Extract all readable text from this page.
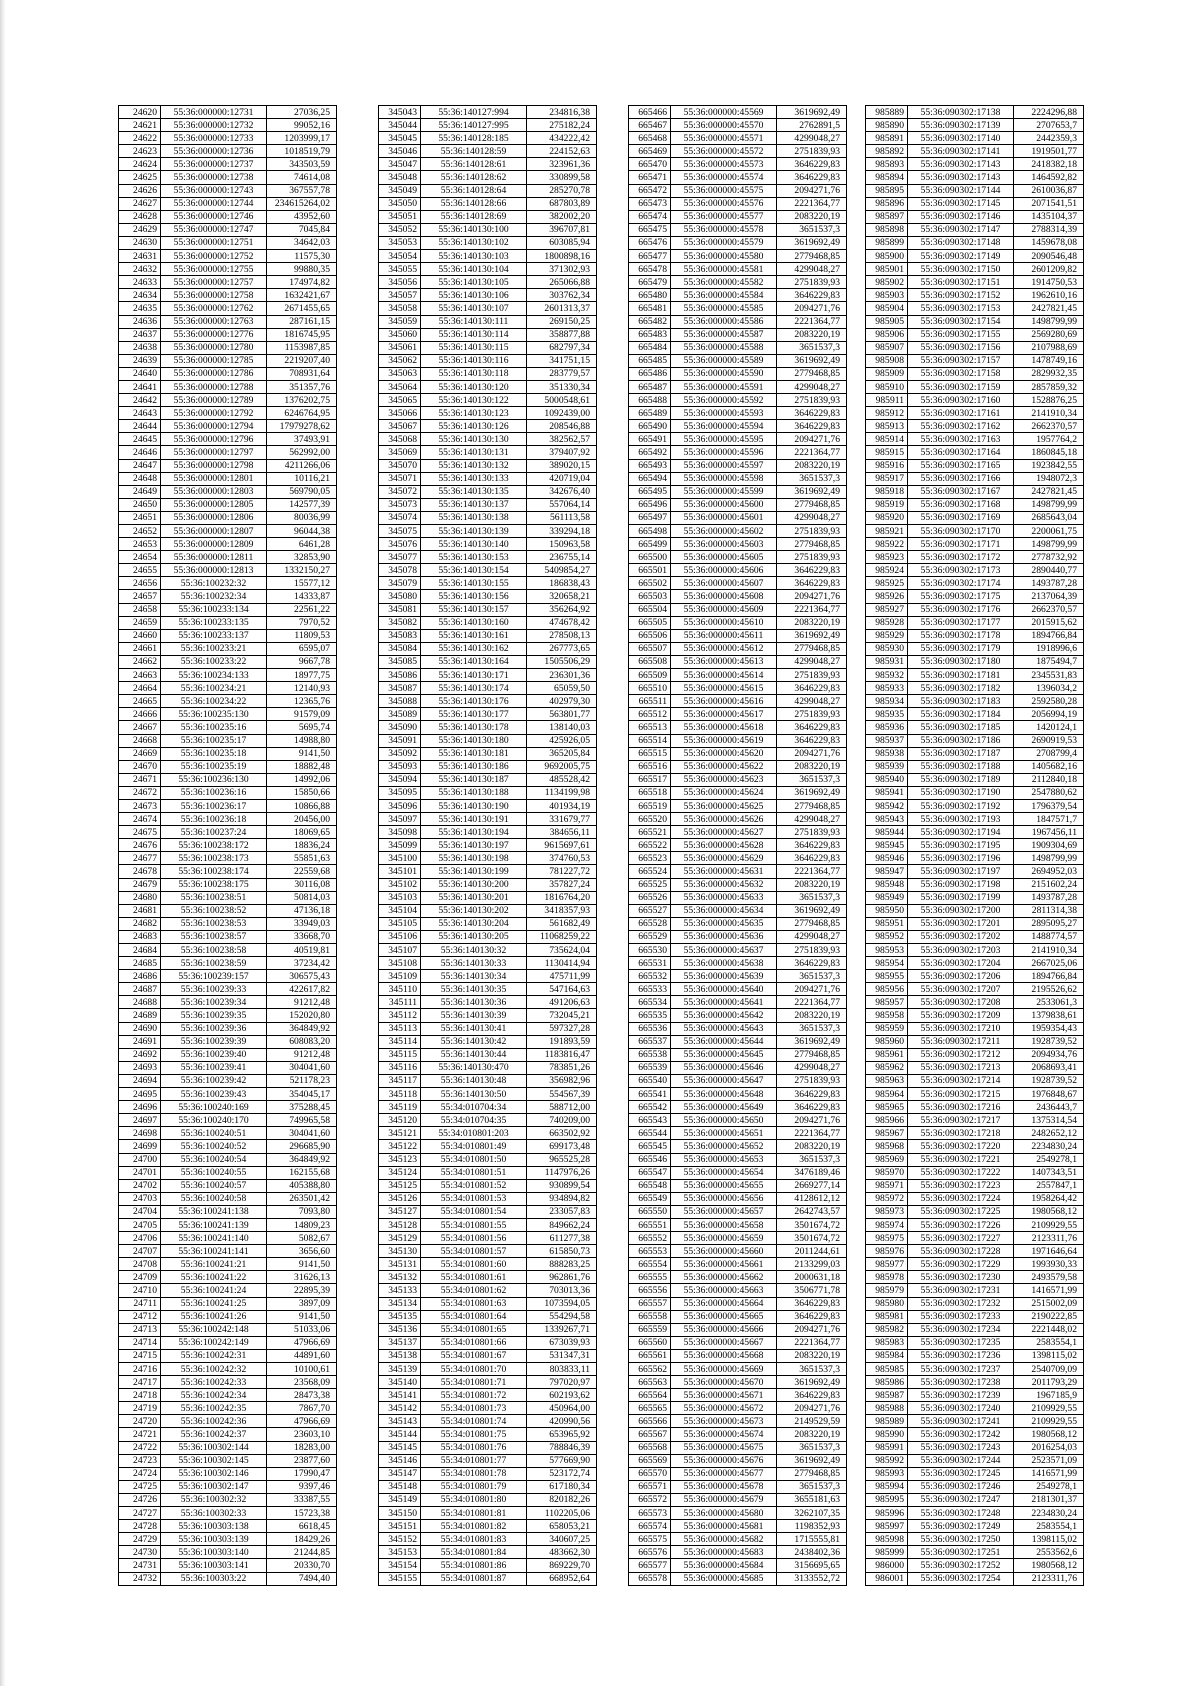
24620	55:36:000000:12731	27036,25
24621	55:36:000000:12732	99052,16
24622	55:36:000000:12733	1203999,17
24623	55:36:000000:12736	1018519,79
24624	55:36:000000:12737	343503,59
24625	55:36:000000:12738	74614,08
24626	55:36:000000:12743	367557,78
24627	55:36:000000:12744	234615264,02
24628	55:36:000000:12746	43952,60
24629	55:36:000000:12747	7045,84
24630	55:36:000000:12751	34642,03
24631	55:36:000000:12752	11575,30
24632	55:36:000000:12755	99880,35
24633	55:36:000000:12757	174974,82
24634	55:36:000000:12758	1632421,67
24635	55:36:000000:12762	2671455,65
24636	55:36:000000:12763	287161,15
24637	55:36:000000:12776	1816745,95
24638	55:36:000000:12780	1153987,85
24639	55:36:000000:12785	2219207,40
24640	55:36:000000:12786	708931,64
24641	55:36:000000:12788	351357,76
24642	55:36:000000:12789	1376202,75
24643	55:36:000000:12792	6246764,95
24644	55:36:000000:12794	17979278,62
24645	55:36:000000:12796	37493,91
24646	55:36:000000:12797	562992,00
24647	55:36:000000:12798	4211266,06
24648	55:36:000000:12801	10116,21
24649	55:36:000000:12803	569790,05
24650	55:36:000000:12805	142577,39
24651	55:36:000000:12806	80036,99
24652	55:36:000000:12807	96044,38
24653	55:36:000000:12809	6461,28
24654	55:36:000000:12811	32853,90
24655	55:36:000000:12813	1332150,27
24656	55:36:100232:32	15577,12
24657	55:36:100232:34	14333,87
24658	55:36:100233:134	22561,22
24659	55:36:100233:135	7970,52
24660	55:36:100233:137	11809,53
24661	55:36:100233:21	6595,07
24662	55:36:100233:22	9667,78
24663	55:36:100234:133	18977,75
24664	55:36:100234:21	12140,93
24665	55:36:100234:22	12365,76
24666	55:36:100235:130	91579,09
24667	55:36:100235:16	5695,74
24668	55:36:100235:17	14988,80
24669	55:36:100235:18	9141,50
24670	55:36:100235:19	18882,48
24671	55:36:100236:130	14992,06
24672	55:36:100236:16	15850,66
24673	55:36:100236:17	10866,88
24674	55:36:100236:18	20456,00
24675	55:36:100237:24	18069,65
24676	55:36:100238:172	18836,24
24677	55:36:100238:173	55851,63
24678	55:36:100238:174	22559,68
24679	55:36:100238:175	30116,08
24680	55:36:100238:51	50814,03
24681	55:36:100238:52	47136,18
24682	55:36:100238:53	33949,03
24683	55:36:100238:57	33668,70
24684	55:36:100238:58	40519,81
24685	55:36:100238:59	37234,42
24686	55:36:100239:157	306575,43
24687	55:36:100239:33	422617,82
24688	55:36:100239:34	91212,48
24689	55:36:100239:35	152020,80
24690	55:36:100239:36	364849,92
24691	55:36:100239:39	608083,20
24692	55:36:100239:40	91212,48
24693	55:36:100239:41	304041,60
24694	55:36:100239:42	521178,23
24695	55:36:100239:43	354045,17
24696	55:36:100240:169	375288,45
24697	55:36:100240:170	749965,58
24698	55:36:100240:51	304041,60
24699	55:36:100240:52	296685,90
24700	55:36:100240:54	364849,92
24701	55:36:100240:55	162155,68
24702	55:36:100240:57	405388,80
24703	55:36:100240:58	263501,42
24704	55:36:100241:138	7093,80
24705	55:36:100241:139	14809,23
24706	55:36:100241:140	5082,67
24707	55:36:100241:141	3656,60
24708	55:36:100241:21	9141,50
24709	55:36:100241:22	31626,13
24710	55:36:100241:24	22895,39
24711	55:36:100241:25	3897,09
24712	55:36:100241:26	9141,50
24713	55:36:100242:148	51033,06
24714	55:36:100242:149	47966,69
24715	55:36:100242:31	44891,60
24716	55:36:100242:32	10100,61
24717	55:36:100242:33	23568,09
24718	55:36:100242:34	28473,38
24719	55:36:100242:35	7867,70
24720	55:36:100242:36	47966,69
24721	55:36:100242:37	23603,10
24722	55:36:100302:144	18283,00
24723	55:36:100302:145	23877,60
24724	55:36:100302:146	17990,47
24725	55:36:100302:147	9397,46
24726	55:36:100302:32	33387,55
24727	55:36:100302:33	15723,38
24728	55:36:100303:138	6618,45
24729	55:36:100303:139	18429,26
24730	55:36:100303:140	21244,85
24731	55:36:100303:141	20330,70
24732	55:36:100303:22	7494,40
345043	55:36:140127:994	234816,38
345044	55:36:140127:995	275182,24
345045	55:36:140128:185	434222,42
345046	55:36:140128:59	224152,63
345047	55:36:140128:61	323961,36
345048	55:36:140128:62	330899,58
345049	55:36:140128:64	285270,78
345050	55:36:140128:66	687803,89
345051	55:36:140128:69	382002,20
345052	55:36:140130:100	396707,81
345053	55:36:140130:102	603085,94
345054	55:36:140130:103	1800898,16
345055	55:36:140130:104	371302,93
345056	55:36:140130:105	265066,88
345057	55:36:140130:106	303762,34
345058	55:36:140130:107	2601313,37
345059	55:36:140130:111	269150,25
345060	55:36:140130:114	358877,88
345061	55:36:140130:115	682797,34
345062	55:36:140130:116	341751,15
345063	55:36:140130:118	283779,57
345064	55:36:140130:120	351330,34
345065	55:36:140130:122	5000548,61
345066	55:36:140130:123	1092439,00
345067	55:36:140130:126	208546,88
345068	55:36:140130:130	382562,57
345069	55:36:140130:131	379407,92
345070	55:36:140130:132	389020,15
345071	55:36:140130:133	420719,04
345072	55:36:140130:135	342676,40
345073	55:36:140130:137	557064,14
345074	55:36:140130:138	561113,58
345075	55:36:140130:139	339294,18
345076	55:36:140130:140	150963,58
345077	55:36:140130:153	236755,14
345078	55:36:140130:154	5409854,27
345079	55:36:140130:155	186838,43
345080	55:36:140130:156	320658,21
345081	55:36:140130:157	356264,92
345082	55:36:140130:160	474678,42
345083	55:36:140130:161	278508,13
345084	55:36:140130:162	267773,65
345085	55:36:140130:164	1505506,29
345086	55:36:140130:171	236301,36
345087	55:36:140130:174	65059,50
345088	55:36:140130:176	402979,30
345089	55:36:140130:177	563801,77
345090	55:36:140130:178	138140,03
345091	55:36:140130:180	425926,05
345092	55:36:140130:181	365205,84
345093	55:36:140130:186	9692005,75
345094	55:36:140130:187	485528,42
345095	55:36:140130:188	1134199,98
345096	55:36:140130:190	401934,19
345097	55:36:140130:191	331679,77
345098	55:36:140130:194	384656,11
345099	55:36:140130:197	9615697,61
345100	55:36:140130:198	374760,53
345101	55:36:140130:199	781227,72
345102	55:36:140130:200	357827,24
345103	55:36:140130:201	1816764,20
345104	55:36:140130:202	3418357,93
345105	55:36:140130:204	561682,49
345106	55:36:140130:205	11068259,22
345107	55:36:140130:32	735624,04
345108	55:36:140130:33	1130414,94
345109	55:36:140130:34	475711,99
345110	55:36:140130:35	547164,63
345111	55:36:140130:36	491206,63
345112	55:36:140130:39	732045,21
345113	55:36:140130:41	597327,28
345114	55:36:140130:42	191893,59
345115	55:36:140130:44	1183816,47
345116	55:36:140130:470	783851,26
345117	55:36:140130:48	356982,96
345118	55:36:140130:50	554567,39
345119	55:34:010704:34	588712,00
345120	55:34:010704:35	740209,00
345121	55:34:010801:203	663502,92
345122	55:34:010801:49	699173,48
345123	55:34:010801:50	965525,28
345124	55:34:010801:51	1147976,26
345125	55:34:010801:52	930899,54
345126	55:34:010801:53	934894,82
345127	55:34:010801:54	233057,83
345128	55:34:010801:55	849662,24
345129	55:34:010801:56	611277,38
345130	55:34:010801:57	615850,73
345131	55:34:010801:60	888283,25
345132	55:34:010801:61	962861,76
345133	55:34:010801:62	703013,36
345134	55:34:010801:63	1073594,05
345135	55:34:010801:64	554294,58
345136	55:34:010801:65	1339267,71
345137	55:34:010801:66	673039,93
345138	55:34:010801:67	531347,31
345139	55:34:010801:70	803833,11
345140	55:34:010801:71	797020,97
345141	55:34:010801:72	602193,62
345142	55:34:010801:73	450964,00
345143	55:34:010801:74	420990,56
345144	55:34:010801:75	653965,92
345145	55:34:010801:76	788846,39
345146	55:34:010801:77	577669,90
345147	55:34:010801:78	523172,74
345148	55:34:010801:79	617180,34
345149	55:34:010801:80	820182,26
345150	55:34:010801:81	1102205,06
345151	55:34:010801:82	658053,21
345152	55:34:010801:83	340607,25
345153	55:34:010801:84	483662,30
345154	55:34:010801:86	869229,70
345155	55:34:010801:87	668952,64
665466	55:36:000000:45569	3619692,49
665467	55:36:000000:45570	2762891,5
665468	55:36:000000:45571	4299048,27
665469	55:36:000000:45572	2751839,93
665470	55:36:000000:45573	3646229,83
665471	55:36:000000:45574	3646229,83
665472	55:36:000000:45575	2094271,76
665473	55:36:000000:45576	2221364,77
665474	55:36:000000:45577	2083220,19
665475	55:36:000000:45578	3651537,3
665476	55:36:000000:45579	3619692,49
665477	55:36:000000:45580	2779468,85
665478	55:36:000000:45581	4299048,27
665479	55:36:000000:45582	2751839,93
665480	55:36:000000:45584	3646229,83
665481	55:36:000000:45585	2094271,76
665482	55:36:000000:45586	2221364,77
665483	55:36:000000:45587	2083220,19
665484	55:36:000000:45588	3651537,3
665485	55:36:000000:45589	3619692,49
665486	55:36:000000:45590	2779468,85
665487	55:36:000000:45591	4299048,27
665488	55:36:000000:45592	2751839,93
665489	55:36:000000:45593	3646229,83
665490	55:36:000000:45594	3646229,83
665491	55:36:000000:45595	2094271,76
665492	55:36:000000:45596	2221364,77
665493	55:36:000000:45597	2083220,19
665494	55:36:000000:45598	3651537,3
665495	55:36:000000:45599	3619692,49
665496	55:36:000000:45600	2779468,85
665497	55:36:000000:45601	4299048,27
665498	55:36:000000:45602	2751839,93
665499	55:36:000000:45603	2779468,85
665500	55:36:000000:45605	2751839,93
665501	55:36:000000:45606	3646229,83
665502	55:36:000000:45607	3646229,83
665503	55:36:000000:45608	2094271,76
665504	55:36:000000:45609	2221364,77
665505	55:36:000000:45610	2083220,19
665506	55:36:000000:45611	3619692,49
665507	55:36:000000:45612	2779468,85
665508	55:36:000000:45613	4299048,27
665509	55:36:000000:45614	2751839,93
665510	55:36:000000:45615	3646229,83
665511	55:36:000000:45616	4299048,27
665512	55:36:000000:45617	2751839,93
665513	55:36:000000:45618	3646229,83
665514	55:36:000000:45619	3646229,83
665515	55:36:000000:45620	2094271,76
665516	55:36:000000:45622	2083220,19
665517	55:36:000000:45623	3651537,3
665518	55:36:000000:45624	3619692,49
665519	55:36:000000:45625	2779468,85
665520	55:36:000000:45626	4299048,27
665521	55:36:000000:45627	2751839,93
665522	55:36:000000:45628	3646229,83
665523	55:36:000000:45629	3646229,83
665524	55:36:000000:45631	2221364,77
665525	55:36:000000:45632	2083220,19
665526	55:36:000000:45633	3651537,3
665527	55:36:000000:45634	3619692,49
665528	55:36:000000:45635	2779468,85
665529	55:36:000000:45636	4299048,27
665530	55:36:000000:45637	2751839,93
665531	55:36:000000:45638	3646229,83
665532	55:36:000000:45639	3651537,3
665533	55:36:000000:45640	2094271,76
665534	55:36:000000:45641	2221364,77
665535	55:36:000000:45642	2083220,19
665536	55:36:000000:45643	3651537,3
665537	55:36:000000:45644	3619692,49
665538	55:36:000000:45645	2779468,85
665539	55:36:000000:45646	4299048,27
665540	55:36:000000:45647	2751839,93
665541	55:36:000000:45648	3646229,83
665542	55:36:000000:45649	3646229,83
665543	55:36:000000:45650	2094271,76
665544	55:36:000000:45651	2221364,77
665545	55:36:000000:45652	2083220,19
665546	55:36:000000:45653	3651537,3
665547	55:36:000000:45654	3476189,46
665548	55:36:000000:45655	2669277,14
665549	55:36:000000:45656	4128612,12
665550	55:36:000000:45657	2642743,57
665551	55:36:000000:45658	3501674,72
665552	55:36:000000:45659	3501674,72
665553	55:36:000000:45660	2011244,61
665554	55:36:000000:45661	2133299,03
665555	55:36:000000:45662	2000631,18
665556	55:36:000000:45663	3506771,78
665557	55:36:000000:45664	3646229,83
665558	55:36:000000:45665	3646229,83
665559	55:36:000000:45666	2094271,76
665560	55:36:000000:45667	2221364,77
665561	55:36:000000:45668	2083220,19
665562	55:36:000000:45669	3651537,3
665563	55:36:000000:45670	3619692,49
665564	55:36:000000:45671	3646229,83
665565	55:36:000000:45672	2094271,76
665566	55:36:000000:45673	2149529,59
665567	55:36:000000:45674	2083220,19
665568	55:36:000000:45675	3651537,3
665569	55:36:000000:45676	3619692,49
665570	55:36:000000:45677	2779468,85
665571	55:36:000000:45678	3651537,3
665572	55:36:000000:45679	3655181,63
665573	55:36:000000:45680	3262107,35
665574	55:36:000000:45681	1198352,93
665575	55:36:000000:45682	1715555,81
665576	55:36:000000:45683	2438402,36
665577	55:36:000000:45684	3156695,65
665578	55:36:000000:45685	3133552,72
985889	55:36:090302:17138	2224296,88
985890	55:36:090302:17139	2707653,7
985891	55:36:090302:17140	2442359,3
985892	55:36:090302:17141	1919501,77
985893	55:36:090302:17143	2418382,18
985894	55:36:090302:17143	1464592,82
985895	55:36:090302:17144	2610036,87
985896	55:36:090302:17145	2071541,51
985897	55:36:090302:17146	1435104,37
985898	55:36:090302:17147	2788314,39
985899	55:36:090302:17148	1459678,08
985900	55:36:090302:17149	2090546,48
985901	55:36:090302:17150	2601209,82
985902	55:36:090302:17151	1914750,53
985903	55:36:090302:17152	1962610,16
985904	55:36:090302:17153	2427821,45
985905	55:36:090302:17154	1498799,99
985906	55:36:090302:17155	2569280,69
985907	55:36:090302:17156	2107988,69
985908	55:36:090302:17157	1478749,16
985909	55:36:090302:17158	2829932,35
985910	55:36:090302:17159	2857859,32
985911	55:36:090302:17160	1528876,25
985912	55:36:090302:17161	2141910,34
985913	55:36:090302:17162	2662370,57
985914	55:36:090302:17163	1957764,2
985915	55:36:090302:17164	1860845,18
985916	55:36:090302:17165	1923842,55
985917	55:36:090302:17166	1948072,3
985918	55:36:090302:17167	2427821,45
985919	55:36:090302:17168	1498799,99
985920	55:36:090302:17169	2685643,04
985921	55:36:090302:17170	2200061,75
985922	55:36:090302:17171	1498799,99
985923	55:36:090302:17172	2778732,92
985924	55:36:090302:17173	2890440,77
985925	55:36:090302:17174	1493787,28
985926	55:36:090302:17175	2137064,39
985927	55:36:090302:17176	2662370,57
985928	55:36:090302:17177	2015915,62
985929	55:36:090302:17178	1894766,84
985930	55:36:090302:17179	1918996,6
985931	55:36:090302:17180	1875494,7
985932	55:36:090302:17181	2345531,83
985933	55:36:090302:17182	1396034,2
985934	55:36:090302:17183	2592580,28
985935	55:36:090302:17184	2056994,19
985936	55:36:090302:17185	1420124,1
985937	55:36:090302:17186	2690919,53
985938	55:36:090302:17187	2708799,4
985939	55:36:090302:17188	1405682,16
985940	55:36:090302:17189	2112840,18
985941	55:36:090302:17190	2547880,62
985942	55:36:090302:17192	1796379,54
985943	55:36:090302:17193	1847571,7
985944	55:36:090302:17194	1967456,11
985945	55:36:090302:17195	1909304,69
985946	55:36:090302:17196	1498799,99
985947	55:36:090302:17197	2694952,03
985948	55:36:090302:17198	2151602,24
985949	55:36:090302:17199	1493787,28
985950	55:36:090302:17200	2811314,38
985951	55:36:090302:17201	2895095,27
985952	55:36:090302:17202	1488774,57
985953	55:36:090302:17203	2141910,34
985954	55:36:090302:17204	2667025,06
985955	55:36:090302:17206	1894766,84
985956	55:36:090302:17207	2195526,62
985957	55:36:090302:17208	2533061,3
985958	55:36:090302:17209	1379838,61
985959	55:36:090302:17210	1959354,43
985960	55:36:090302:17211	1928739,52
985961	55:36:090302:17212	2094934,76
985962	55:36:090302:17213	2068693,41
985963	55:36:090302:17214	1928739,52
985964	55:36:090302:17215	1976848,67
985965	55:36:090302:17216	2436443,7
985966	55:36:090302:17217	1375314,54
985967	55:36:090302:17218	2482652,12
985968	55:36:090302:17220	2234830,24
985969	55:36:090302:17221	2549278,1
985970	55:36:090302:17222	1407343,51
985971	55:36:090302:17223	2557847,1
985972	55:36:090302:17224	1958264,42
985973	55:36:090302:17225	1980568,12
985974	55:36:090302:17226	2109929,55
985975	55:36:090302:17227	2123311,76
985976	55:36:090302:17228	1971646,64
985977	55:36:090302:17229	1993930,33
985978	55:36:090302:17230	2493579,58
985979	55:36:090302:17231	1416571,99
985980	55:36:090302:17232	2515002,09
985981	55:36:090302:17233	2190222,85
985982	55:36:090302:17234	2221448,02
985983	55:36:090302:17235	2583554,1
985984	55:36:090302:17236	1398115,02
985985	55:36:090302:17237	2540709,09
985986	55:36:090302:17238	2011793,29
985987	55:36:090302:17239	1967185,9
985988	55:36:090302:17240	2109929,55
985989	55:36:090302:17241	2109929,55
985990	55:36:090302:17242	1980568,12
985991	55:36:090302:17243	2016254,03
985992	55:36:090302:17244	2523571,09
985993	55:36:090302:17245	1416571,99
985994	55:36:090302:17246	2549278,1
985995	55:36:090302:17247	2181301,37
985996	55:36:090302:17248	2234830,24
985997	55:36:090302:17249	2583554,1
985998	55:36:090302:17250	1398115,02
985999	55:36:090302:17251	2553562,6
986000	55:36:090302:17252	1980568,12
986001	55:36:090302:17254	2123311,76
